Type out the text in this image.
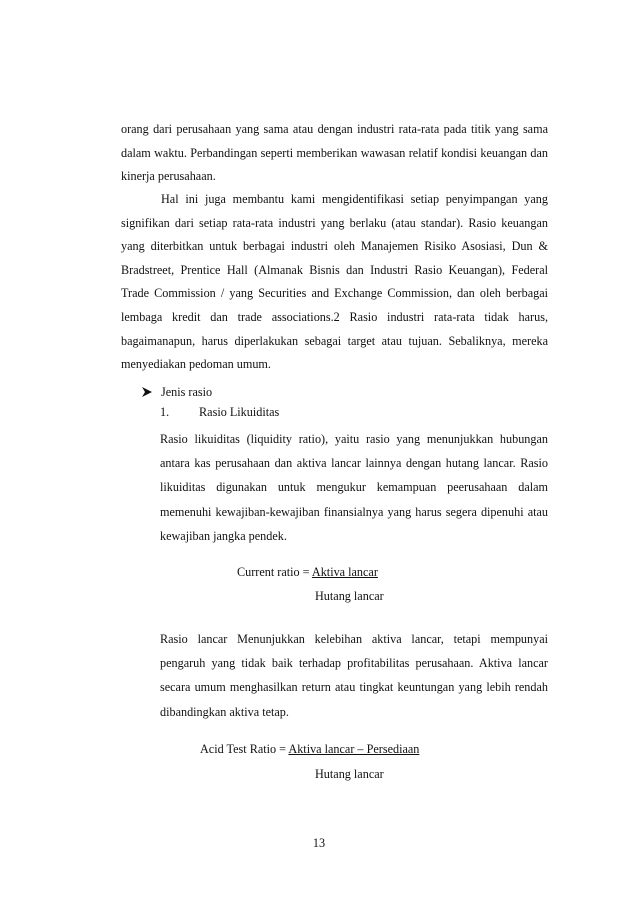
orang dari perusahaan yang sama atau dengan industri rata-rata pada titik yang sama dalam waktu. Perbandingan seperti memberikan wawasan relatif kondisi keuangan dan kinerja perusahaan.

Hal ini juga membantu kami mengidentifikasi setiap penyimpangan yang signifikan dari setiap rata-rata industri yang berlaku (atau standar). Rasio keuangan yang diterbitkan untuk berbagai industri oleh Manajemen Risiko Asosiasi, Dun & Bradstreet, Prentice Hall (Almanak Bisnis dan Industri Rasio Keuangan), Federal Trade Commission / yang Securities and Exchange Commission, dan oleh berbagai lembaga kredit dan trade associations.2 Rasio industri rata-rata tidak harus, bagaimanapun, harus diperlakukan sebagai target atau tujuan. Sebaliknya, mereka menyediakan pedoman umum.

Jenis rasio
1. Rasio Likuiditas

Rasio likuiditas (liquidity ratio), yaitu rasio yang menunjukkan hubungan antara kas perusahaan dan aktiva lancar lainnya dengan hutang lancar. Rasio likuiditas digunakan untuk mengukur kemampuan peerusahaan dalam memenuhi kewajiban-kewajiban finansialnya yang harus segera dipenuhi atau kewajiban jangka pendek.

Current ratio = Aktiva lancar
Hutang lancar

Rasio lancar Menunjukkan kelebihan aktiva lancar, tetapi mempunyai pengaruh yang tidak baik terhadap profitabilitas perusahaan. Aktiva lancar secara umum menghasilkan return atau tingkat keuntungan yang lebih rendah dibandingkan aktiva tetap.

Acid Test Ratio = Aktiva lancar – Persediaan
Hutang lancar
13
